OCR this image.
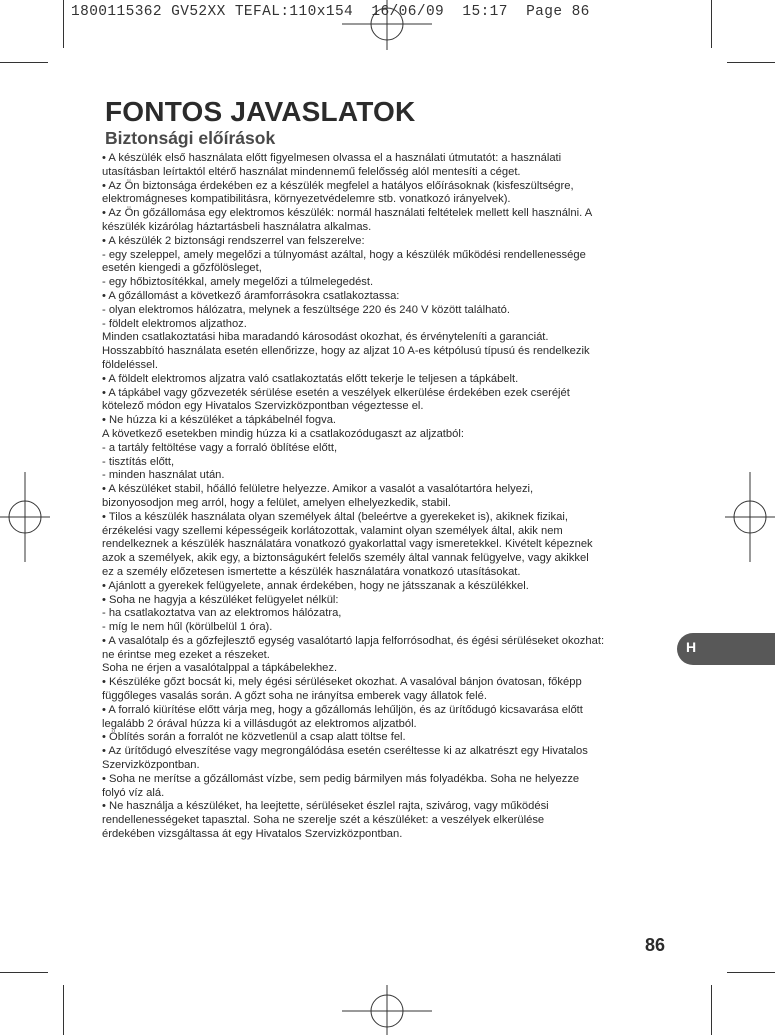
1800115362 GV52XX TEFAL:110x154  16/06/09  15:17  Page 86
FONTOS JAVASLATOK
Biztonsági előírások
• A készülék első használata előtt figyelmesen olvassa el a használati útmutatót: a használati
utasításban leírtaktól eltérő használat mindennemű felelősség alól mentesíti a céget.
• Az Ön biztonsága érdekében ez a készülék megfelel a hatályos előírásoknak (kisfeszültségre,
elektromágneses kompatibilitásra, környezetvédelemre stb. vonatkozó irányelvek).
• Az Ön gőzállomása egy elektromos készülék: normál használati feltételek mellett kell használni. A
készülék kizárólag háztartásbeli használatra alkalmas.
• A készülék 2 biztonsági rendszerrel van felszerelve:
- egy szeleppel, amely megelőzi a túlnyomást azáltal, hogy a készülék működési rendellenessége
esetén kiengedi a gőzfölösleget,
- egy hőbiztosítékkal, amely megelőzi a túlmelegedést.
• A gőzállomást a következő áramforrásokra csatlakoztassa:
- olyan elektromos hálózatra, melynek a feszültsége 220 és 240 V között található.
- földelt elektromos aljzathoz.
Minden csatlakoztatási hiba maradandó károsodást okozhat, és érvényteleníti a garanciát.
Hosszabbító használata esetén ellenőrizze, hogy az aljzat 10 A-es kétpólusú típusú és rendelkezik
földeléssel.
• A földelt elektromos aljzatra való csatlakoztatás előtt tekerje le teljesen a tápkábelt.
• A tápkábel vagy gőzvezeték sérülése esetén a veszélyek elkerülése érdekében ezek cseréjét
kötelező módon egy Hivatalos Szervizközpontban végeztesse el.
• Ne húzza ki a készüléket a tápkábelnél fogva.
A következő esetekben mindig húzza ki a csatlakozódugaszt az aljzatból:
- a tartály feltöltése vagy a forraló öblítése előtt,
- tisztítás előtt,
- minden használat után.
• A készüléket stabil, hőálló felületre helyezze. Amikor a vasalót a vasalótartóra helyezi,
bizonyosodjon meg arról, hogy a felület, amelyen elhelyezkedik, stabil.
• Tilos a készülék használata olyan személyek által (beleértve a gyerekeket is), akiknek fizikai,
érzékelési vagy szellemi képességeik korlátozottak, valamint olyan személyek által, akik nem
rendelkeznek a készülék használatára vonatkozó gyakorlattal vagy ismeretekkel. Kivételt képeznek
azok a személyek, akik egy, a biztonságukért felelős személy által vannak felügyelve, vagy akikkel
ez a személy előzetesen ismertette a készülék használatára vonatkozó utasításokat.
• Ajánlott a gyerekek felügyelete, annak érdekében, hogy ne játsszanak a készülékkel.
• Soha ne hagyja a készüléket felügyelet nélkül:
- ha csatlakoztatva van az elektromos hálózatra,
- míg le nem hűl (körülbelül 1 óra).
• A vasalótalp és a gőzfejlesztő egység vasalótartó lapja felforrósodhat, és égési sérüléseket okozhat:
ne érintse meg ezeket a részeket.
Soha ne érjen a vasalótalppal a tápkábelekhez.
• Készüléke gőzt bocsát ki, mely égési sérüléseket okozhat. A vasalóval bánjon óvatosan, főképp
függőleges vasalás során. A gőzt soha ne irányítsa emberek vagy állatok felé.
• A forraló kiürítése előtt várja meg, hogy a gőzállomás lehűljön, és az ürítődugó kicsavarása előtt
legalább 2 órával húzza ki a villásdugót az elektromos aljzatból.
• Öblítés során a forralót ne közvetlenül a csap alatt töltse fel.
• Az ürítődugó elveszítése vagy megrongálódása esetén cseréltesse ki az alkatrészt egy Hivatalos
Szervizközpontban.
• Soha ne merítse a gőzállomást vízbe, sem pedig bármilyen más folyadékba. Soha ne helyezze
folyó víz alá.
• Ne használja a készüléket, ha leejtette, sérüléseket észlel rajta, szivárog, vagy működési
rendellenességeket tapasztal. Soha ne szerelje szét a készüléket: a veszélyek elkerülése
érdekében vizsgáltassa át egy Hivatalos Szervizközpontban.
H
86
